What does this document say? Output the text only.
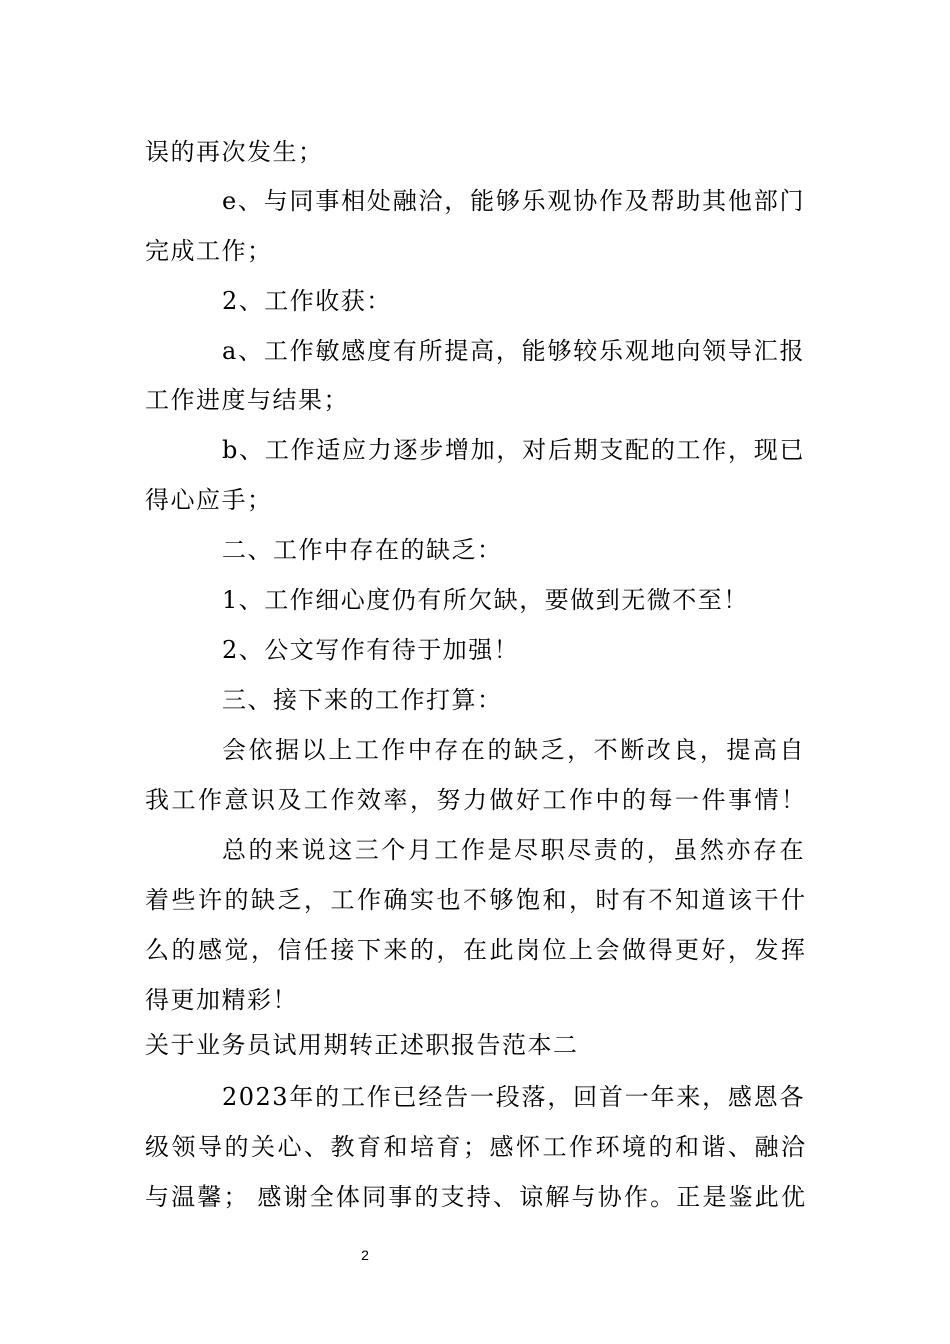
误的再次发生；
e、与同事相处融洽，能够乐观协作及帮助其他部门
完成工作；
2、工作收获：
a、工作敏感度有所提高，能够较乐观地向领导汇报
工作进度与结果；
b、工作适应力逐步增加，对后期支配的工作，现已
得心应手；
二、工作中存在的缺乏：
1、工作细心度仍有所欠缺，要做到无微不至！
2、公文写作有待于加强！
三、接下来的工作打算：
会依据以上工作中存在的缺乏，不断改良，提高自
我工作意识及工作效率，努力做好工作中的每一件事情！
总的来说这三个月工作是尽职尽责的，虽然亦存在
着些许的缺乏，工作确实也不够饱和，时有不知道该干什
么的感觉，信任接下来的，在此岗位上会做得更好，发挥
得更加精彩！
关于业务员试用期转正述职报告范本二
2023年的工作已经告一段落，回首一年来，感恩各
级领导的关心、教育和培育；感怀工作环境的和谐、融洽
与温馨； 感谢全体同事的支持、谅解与协作。正是鉴此优
2
